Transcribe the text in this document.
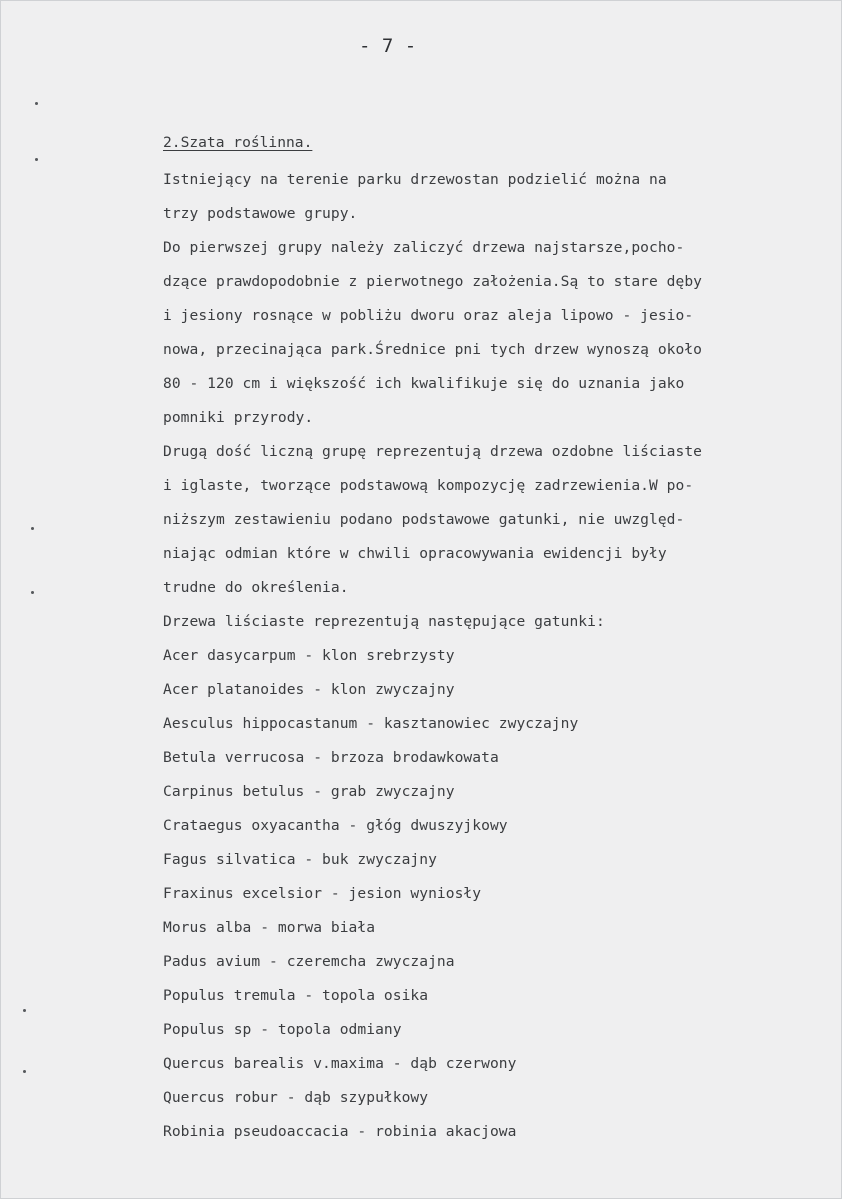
- 7 -
2.Szata roślinna.
Istniejący na terenie parku drzewostan podzielić można na
trzy podstawowe grupy.
Do pierwszej grupy należy zaliczyć drzewa najstarsze,pocho-
dzące prawdopodobnie z pierwotnego założenia.Są to stare dęby
i jesiony rosnące w pobliżu dworu oraz aleja lipowo - jesio-
nowa, przecinająca park.Średnice pni tych drzew wynoszą około
80 - 120 cm i większość ich kwalifikuje się do uznania jako
pomniki przyrody.
Drugą dość liczną grupę reprezentują drzewa ozdobne liściaste
i iglaste, tworzące podstawową kompozycję zadrzewienia.W po-
niższym zestawieniu podano podstawowe gatunki, nie uwzględ-
niając odmian które w chwili opracowywania ewidencji były
trudne do określenia.
Drzewa liściaste reprezentują następujące gatunki:
Acer dasycarpum - klon srebrzysty
Acer platanoides - klon zwyczajny
Aesculus hippocastanum - kasztanowiec zwyczajny
Betula verrucosa - brzoza brodawkowata
Carpinus betulus - grab zwyczajny
Crataegus oxyacantha - głóg dwuszyjkowy
Fagus silvatica - buk zwyczajny
Fraxinus excelsior - jesion wyniosły
Morus alba - morwa biała
Padus avium - czeremcha zwyczajna
Populus tremula - topola osika
Populus sp - topola odmiany
Quercus barealis v.maxima - dąb czerwony
Quercus robur - dąb szypułkowy
Robinia pseudoaccacia - robinia akacjowa
